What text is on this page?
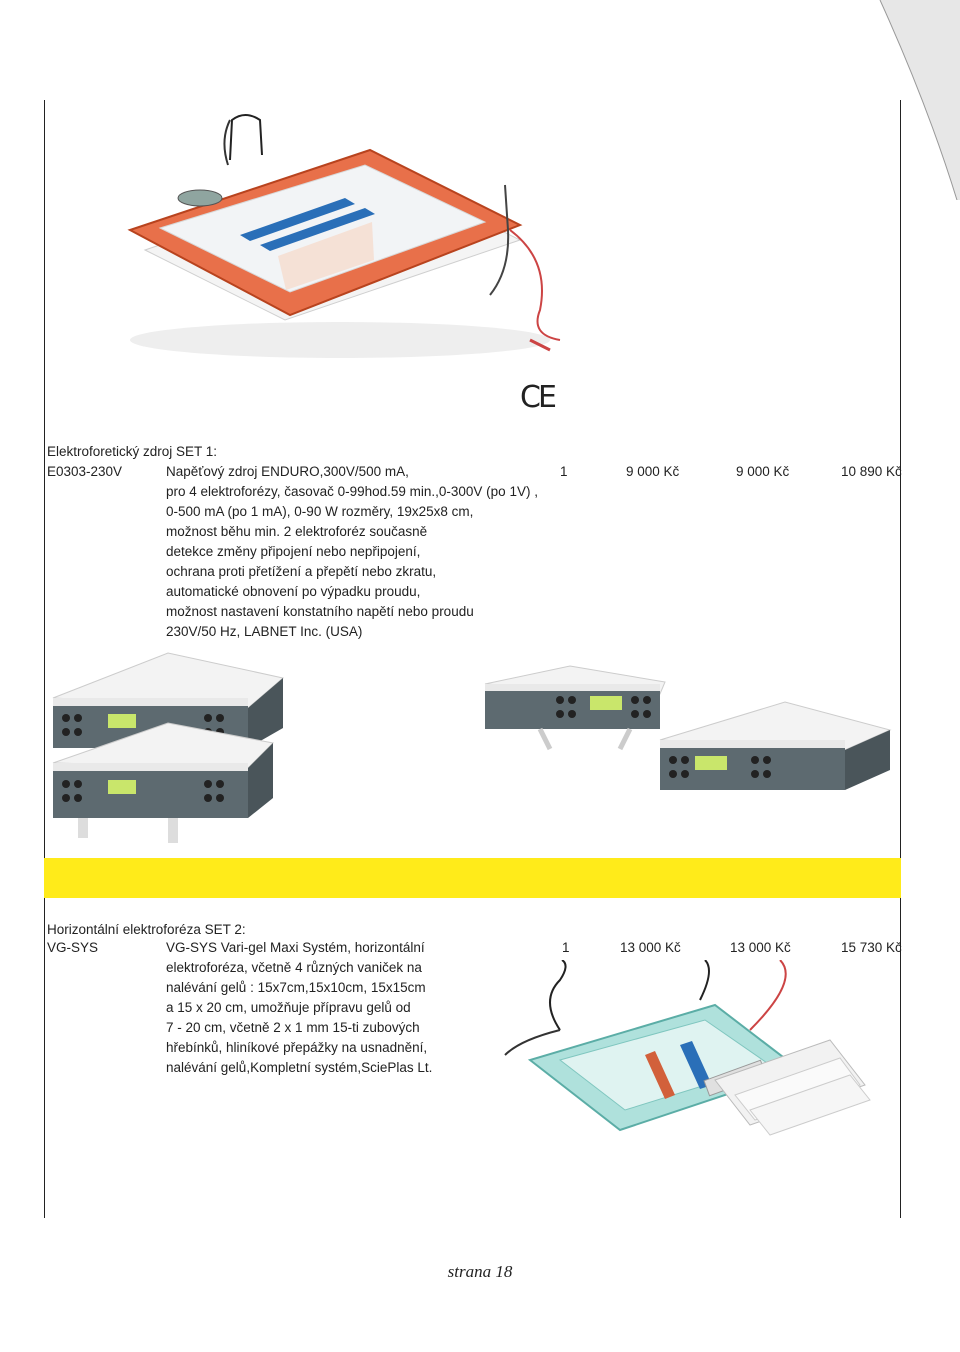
CE
Elektroforetický zdroj SET 1:
E0303-230V	Napěťový zdroj ENDURO,300V/500 mA,
pro 4 elektroforézy, časovač 0-99hod.59 min.,0-300V (po 1V) ,
0-500 mA (po 1 mA), 0-90 W rozměry, 19x25x8 cm,
možnost běhu min. 2 elektroforéz současně
detekce změny připojení nebo nepřipojení,
ochrana proti přetížení a přepětí nebo zkratu,
automatické obnovení po výpadku proudu,
možnost nastavení konstatního napětí nebo proudu
230V/50 Hz, LABNET Inc. (USA)
1	9 000 Kč	9 000 Kč	10 890 Kč
Horizontální elektroforéza SET 2:
VG-SYS	VG-SYS Vari-gel Maxi Systém, horizontální
elektroforéza, včetně 4 různých vaniček na
nalévání gelů : 15x7cm,15x10cm, 15x15cm
a 15 x 20 cm, umožňuje přípravu gelů od
7 - 20 cm, včetně 2 x 1 mm 15-ti zubových
hřebínků, hliníkové přepážky na usnadnění,
nalévání gelů,Kompletní systém,SciePlas Lt.
1	13 000 Kč	13 000 Kč	15 730 Kč
strana 18
